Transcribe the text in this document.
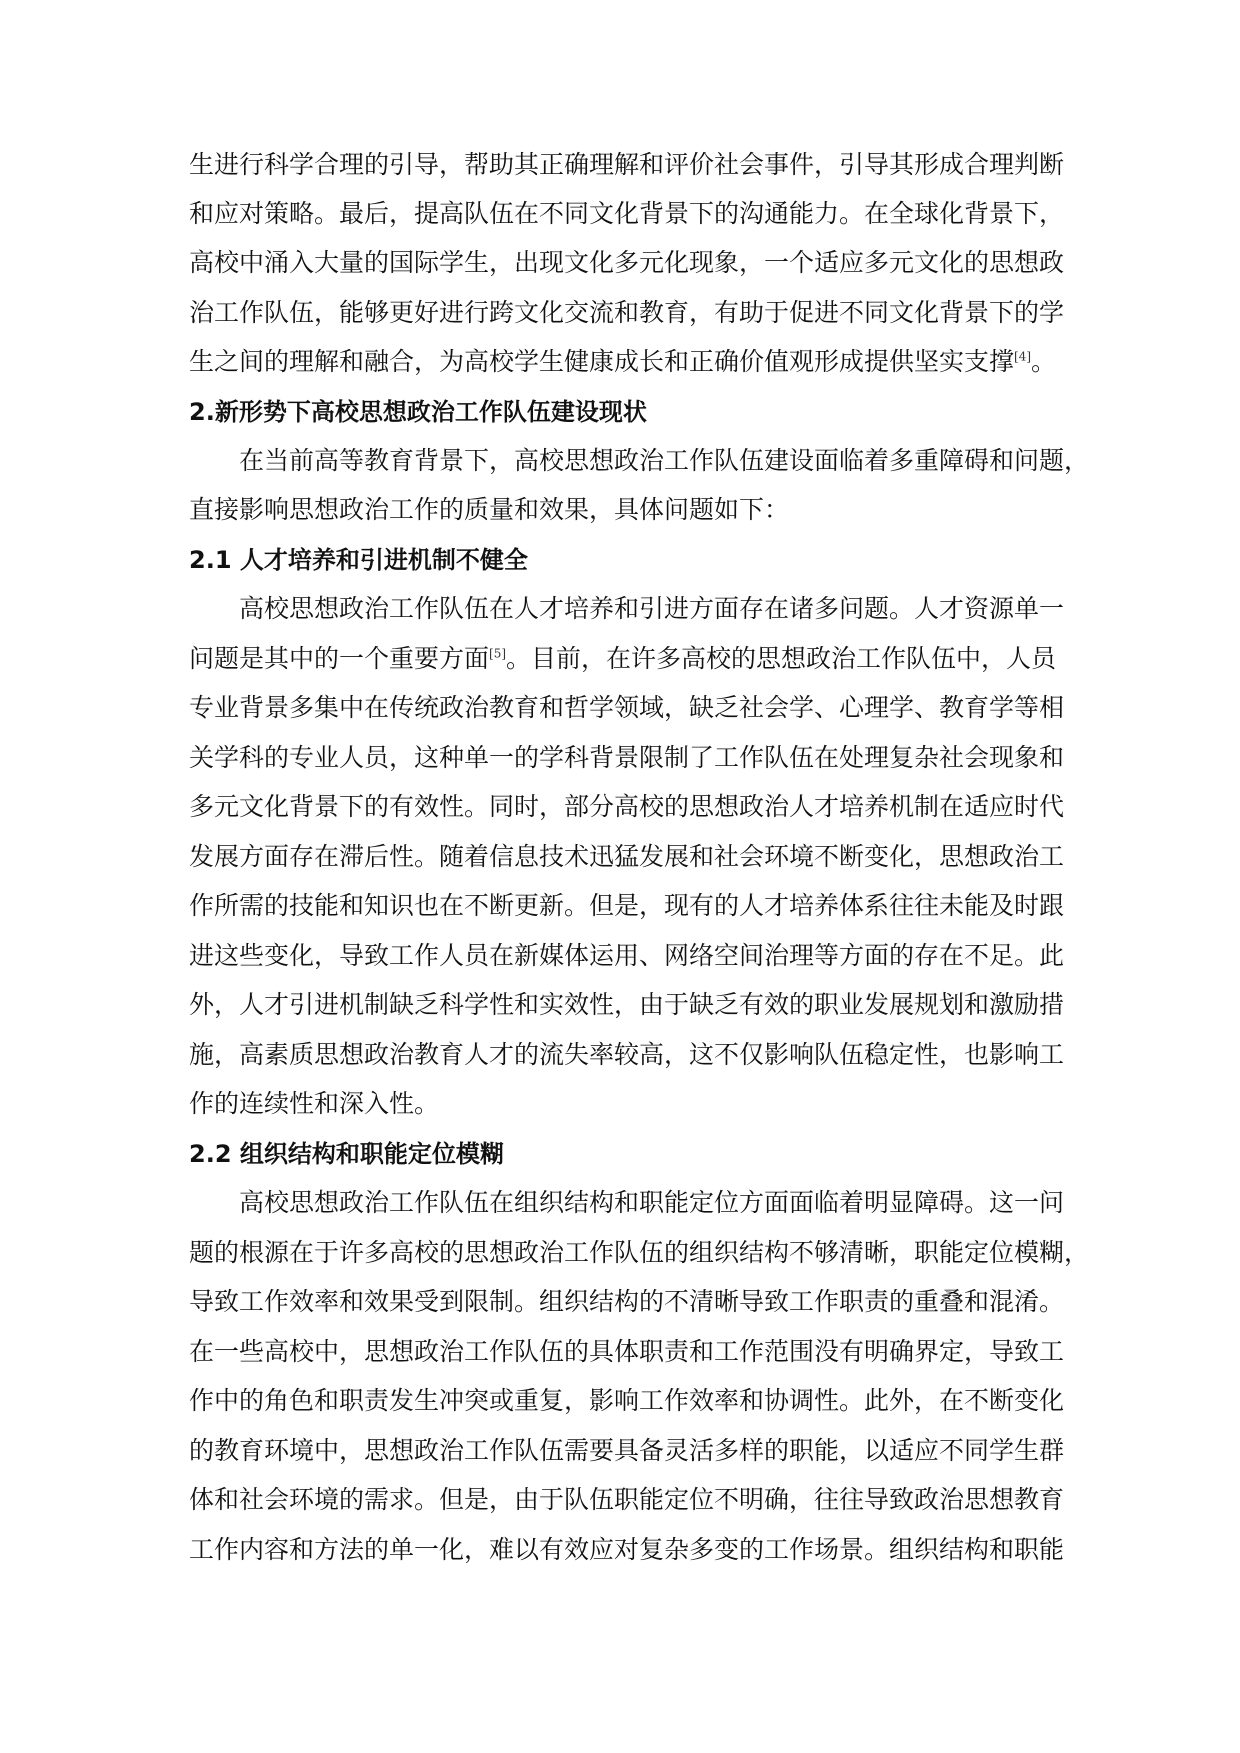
生进行科学合理的引导，帮助其正确理解和评价社会事件，引导其形成合理判断
和应对策略。最后，提高队伍在不同文化背景下的沟通能力。在全球化背景下，
高校中涌入大量的国际学生，出现文化多元化现象，一个适应多元文化的思想政
治工作队伍，能够更好进行跨文化交流和教育，有助于促进不同文化背景下的学
生之间的理解和融合，为高校学生健康成长和正确价值观形成提供坚实支撑[4]。
2.新形势下高校思想政治工作队伍建设现状
在当前高等教育背景下，高校思想政治工作队伍建设面临着多重障碍和问题，
直接影响思想政治工作的质量和效果，具体问题如下：
2.1 人才培养和引进机制不健全
高校思想政治工作队伍在人才培养和引进方面存在诸多问题。人才资源单一
问题是其中的一个重要方面[5]。目前，在许多高校的思想政治工作队伍中，人员
专业背景多集中在传统政治教育和哲学领域，缺乏社会学、心理学、教育学等相
关学科的专业人员，这种单一的学科背景限制了工作队伍在处理复杂社会现象和
多元文化背景下的有效性。同时，部分高校的思想政治人才培养机制在适应时代
发展方面存在滞后性。随着信息技术迅猛发展和社会环境不断变化，思想政治工
作所需的技能和知识也在不断更新。但是，现有的人才培养体系往往未能及时跟
进这些变化，导致工作人员在新媒体运用、网络空间治理等方面的存在不足。此
外，人才引进机制缺乏科学性和实效性，由于缺乏有效的职业发展规划和激励措
施，高素质思想政治教育人才的流失率较高，这不仅影响队伍稳定性，也影响工
作的连续性和深入性。
2.2 组织结构和职能定位模糊
高校思想政治工作队伍在组织结构和职能定位方面面临着明显障碍。这一问
题的根源在于许多高校的思想政治工作队伍的组织结构不够清晰，职能定位模糊，
导致工作效率和效果受到限制。组织结构的不清晰导致工作职责的重叠和混淆。
在一些高校中，思想政治工作队伍的具体职责和工作范围没有明确界定，导致工
作中的角色和职责发生冲突或重复，影响工作效率和协调性。此外，在不断变化
的教育环境中，思想政治工作队伍需要具备灵活多样的职能，以适应不同学生群
体和社会环境的需求。但是，由于队伍职能定位不明确，往往导致政治思想教育
工作内容和方法的单一化，难以有效应对复杂多变的工作场景。组织结构和职能
